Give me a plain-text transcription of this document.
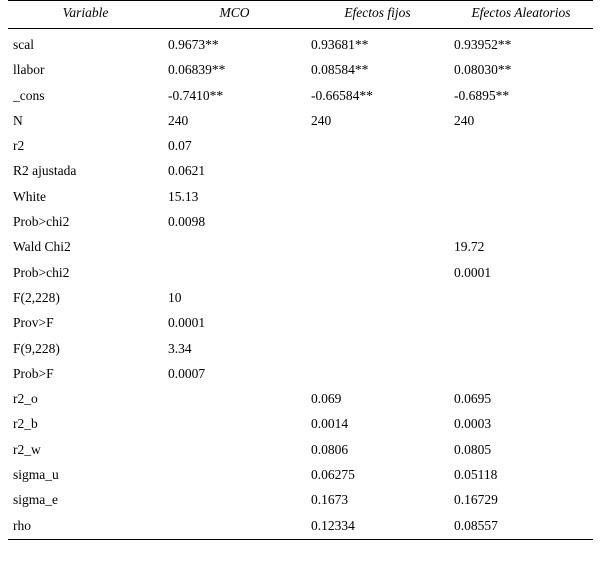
Variable	MCO	Efectos fijos	Efectos Aleatorios
scal	0.9673**	0.93681**	0.93952**
llabor	0.06839**	0.08584**	0.08030**
_cons	-0.7410**	-0.66584**	-0.6895**
N	240	240	240
r2	0.07		
R2 ajustada	0.0621		
White	15.13		
Prob>chi2	0.0098		
Wald Chi2			19.72
Prob>chi2			0.0001
F(2,228)	10		
Prov>F	0.0001		
F(9,228)	3.34		
Prob>F	0.0007		
r2_o		0.069	0.0695
r2_b		0.0014	0.0003
r2_w		0.0806	0.0805
sigma_u		0.06275	0.05118
sigma_e		0.1673	0.16729
rho		0.12334	0.08557
